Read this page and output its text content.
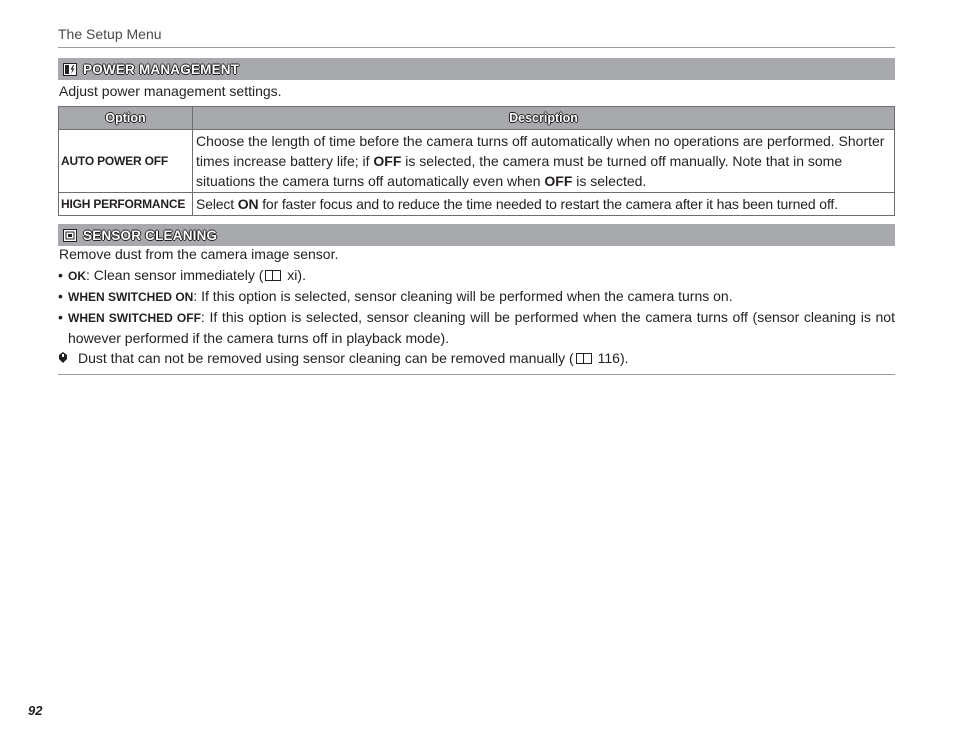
The Setup Menu
POWER MANAGEMENT
Adjust power management settings.
Option	Description
AUTO POWER OFF	Choose the length of time before the camera turns off automatically when no operations are performed. Shorter times increase battery life; if OFF is selected, the camera must be turned off manually. Note that in some situations the camera turns off automatically even when OFF is selected.
HIGH PERFORMANCE	Select ON for faster focus and to reduce the time needed to restart the camera after it has been turned off.
SENSOR CLEANING
Remove dust from the camera image sensor.
• OK: Clean sensor immediately ( xi).
• WHEN SWITCHED ON: If this option is selected, sensor cleaning will be performed when the camera turns on.
• WHEN SWITCHED OFF: If this option is selected, sensor cleaning will be performed when the camera turns off (sensor cleaning is not however performed if the camera turns off in playback mode).
Dust that can not be removed using sensor cleaning can be removed manually ( 116).
92
